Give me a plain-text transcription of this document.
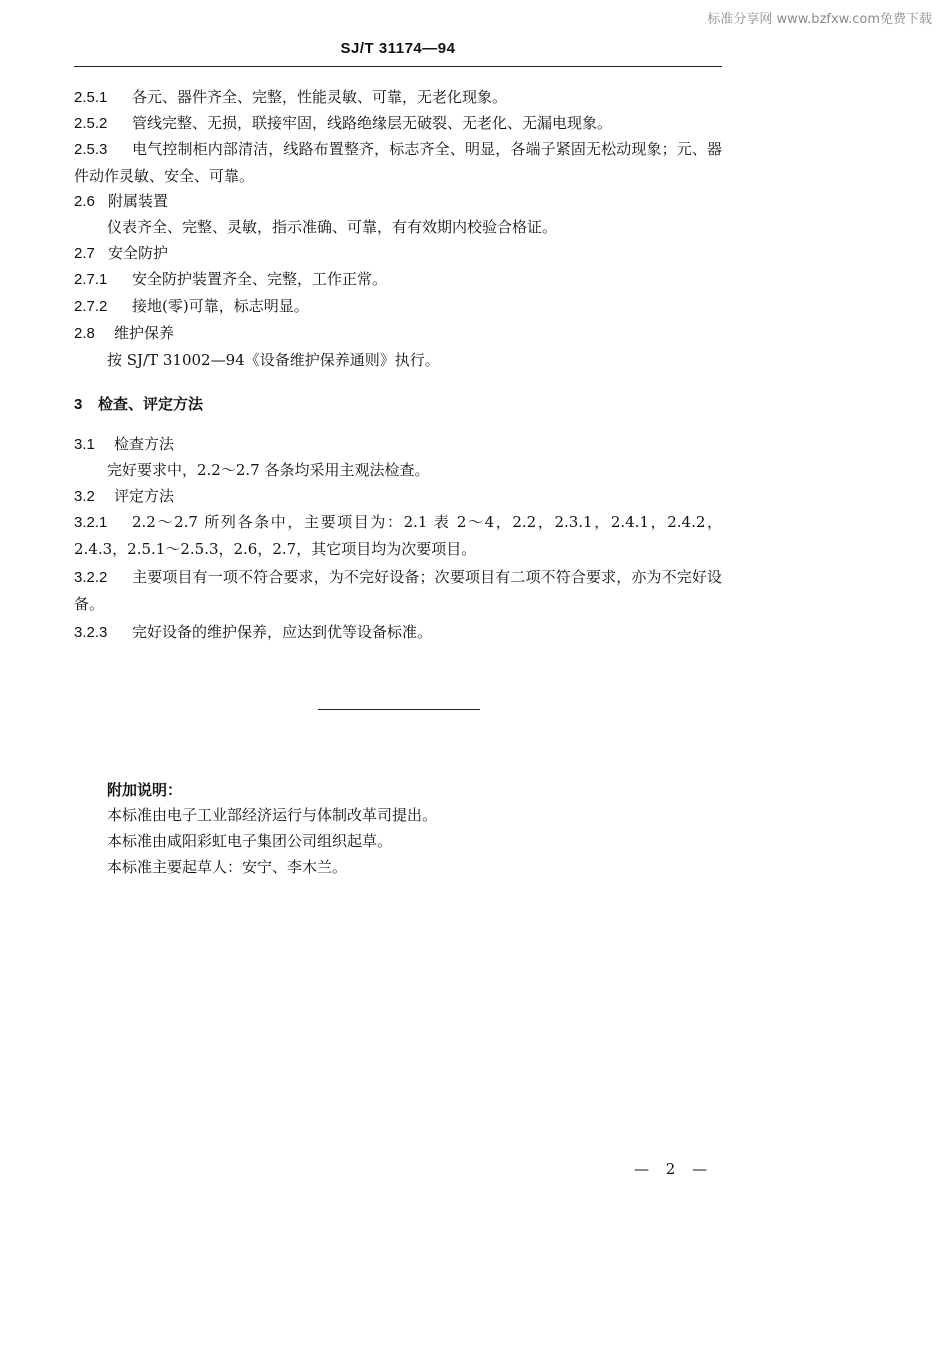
标准分享网 www.bzfxw.com免费下载
SJ/T 31174—94
2.5.1 各元、器件齐全、完整，性能灵敏、可靠，无老化现象。
2.5.2 管线完整、无损，联接牢固，线路绝缘层无破裂、无老化、无漏电现象。
2.5.3 电气控制柜内部清洁，线路布置整齐，标志齐全、明显，各端子紧固无松动现象；元、器件动作灵敏、安全、可靠。
2.6 附属装置
仪表齐全、完整、灵敏，指示准确、可靠，有有效期内校验合格证。
2.7 安全防护
2.7.1 安全防护装置齐全、完整，工作正常。
2.7.2 接地(零)可靠，标志明显。
2.8 维护保养
按 SJ/T 31002—94《设备维护保养通则》执行。
3 检查、评定方法
3.1 检查方法
完好要求中，2.2～2.7 各条均采用主观法检查。
3.2 评定方法
3.2.1 2.2～2.7 所列各条中，主要项目为：2.1 表 2～4，2.2，2.3.1，2.4.1，2.4.2，2.4.3，2.5.1～2.5.3，2.6，2.7，其它项目均为次要项目。
3.2.2 主要项目有一项不符合要求，为不完好设备；次要项目有二项不符合要求，亦为不完好设备。
3.2.3 完好设备的维护保养，应达到优等设备标准。
附加说明：
本标准由电子工业部经济运行与体制改革司提出。
本标准由咸阳彩虹电子集团公司组织起草。
本标准主要起草人：安宁、李木兰。
— 2 —
